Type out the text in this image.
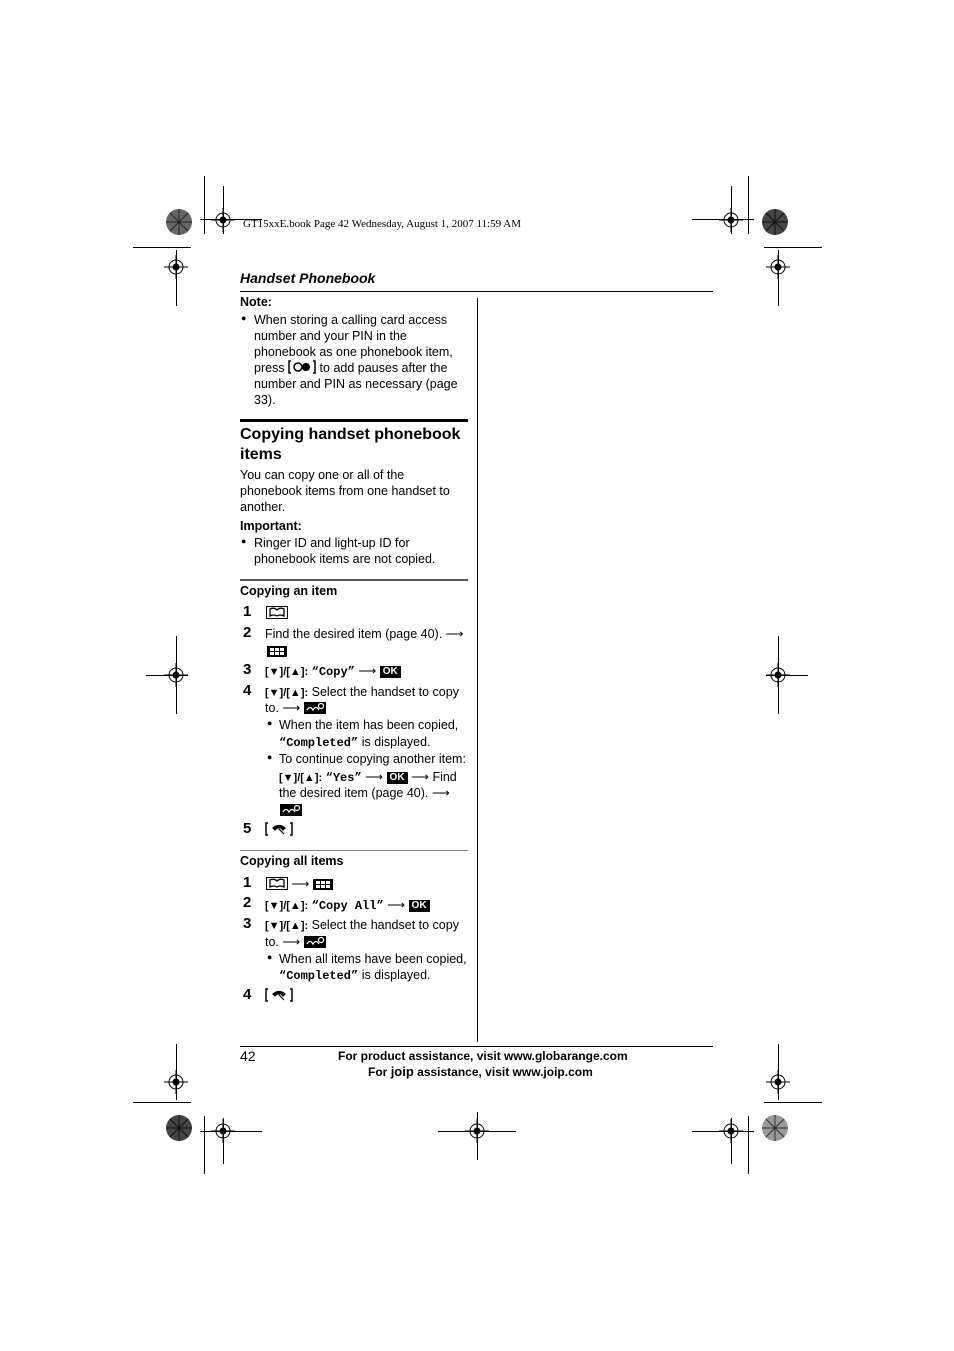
GT15xxE.book Page 42 Wednesday, August 1, 2007 11:59 AM
Handset Phonebook
Note:
● When storing a calling card access
number and your PIN in the
phonebook as one phonebook item,
press	to add pauses after the
number and PIN as necessary (page
33).
Copying handset phonebook
items
You can copy one or all of the
phonebook items from one handset to
another.
Important:
● Ringer ID and light-up ID for
phonebook items are not copied.
Copying an item
1
2 Find the desired item (page 40). ⟶
3 [▼]/[▲]: “Copy” ⟶ OK
4 [▼]/[▲]: Select the handset to copy
to. ⟶
● When the item has been copied,
“Completed” is displayed.
● To continue copying another item:
[▼]/[▲]: “Yes” ⟶ OK ⟶ Find
the desired item (page 40). ⟶
5
Copying all items
1	⟶
2 [▼]/[▲]: “Copy All” ⟶ OK
3 [▼]/[▲]: Select the handset to copy
to. ⟶
● When all items have been copied,
“Completed” is displayed.
4
42	For product assistance, visit www.globarange.com
For joip assistance, visit www.joip.com
